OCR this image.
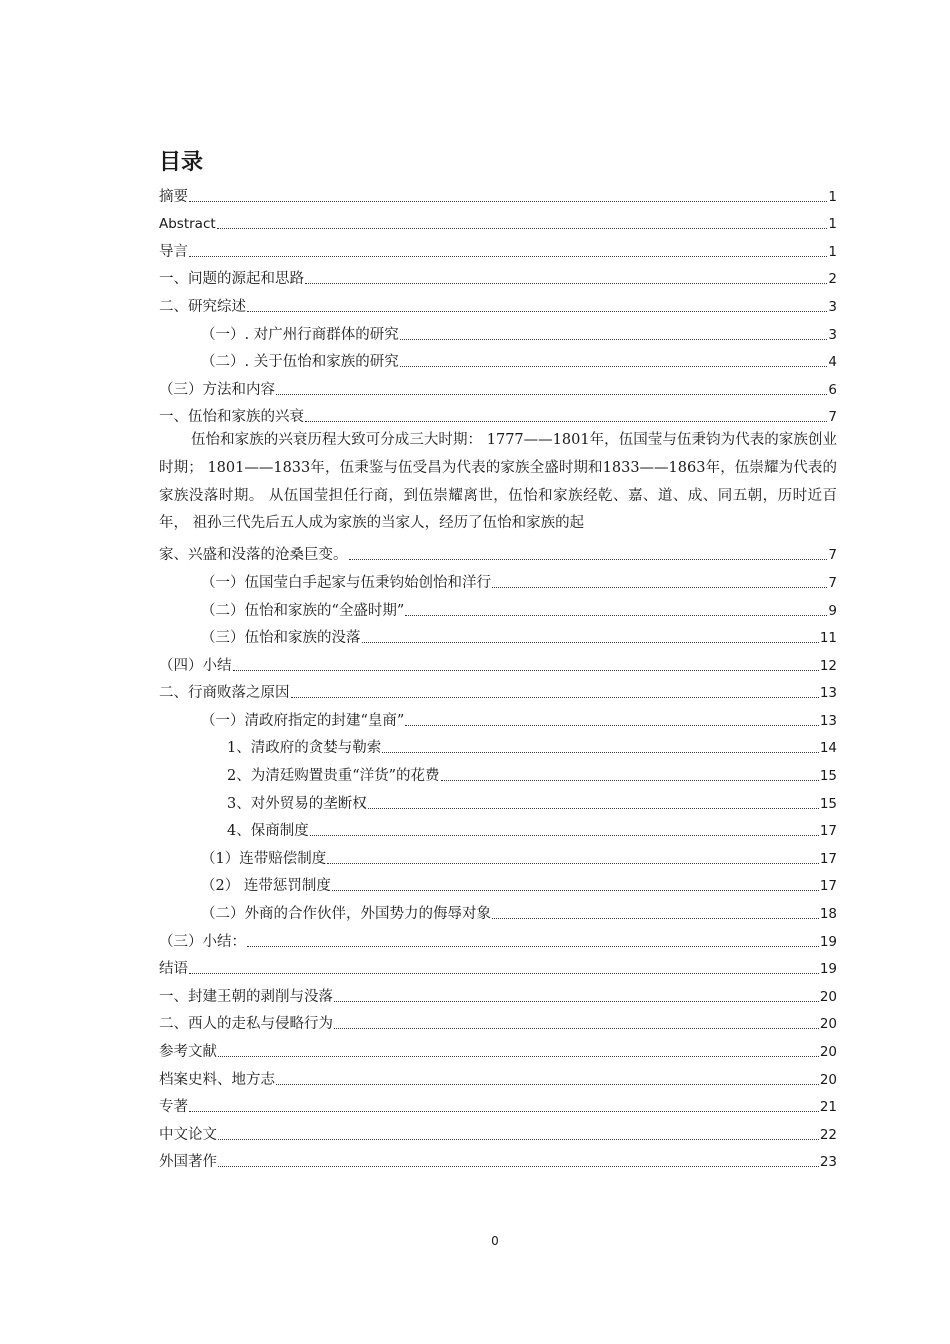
目录
摘要	1
Abstract	1
导言	1
一、问题的源起和思路	2
二、研究综述	3
（一）. 对广州行商群体的研究	3
（二）. 关于伍怡和家族的研究	4
（三）方法和内容	6
一、伍怡和家族的兴衰	7
伍怡和家族的兴衰历程大致可分成三大时期： 1777——1801年，伍国莹与伍秉钧为代表的家族创业时期； 1801——1833年，伍秉鉴与伍受昌为代表的家族全盛时期和1833——1863年，伍崇耀为代表的家族没落时期。 从伍国莹担任行商，到伍崇耀离世，伍怡和家族经乾、嘉、道、成、同五朝，历时近百年， 祖孙三代先后五人成为家族的当家人，经历了伍怡和家族的起
家、兴盛和没落的沧桑巨变。	7
（一）伍国莹白手起家与伍秉钧始创怡和洋行	7
（二）伍怡和家族的“全盛时期”	9
（三）伍怡和家族的没落	11
（四）小结	12
二、行商败落之原因	13
（一）清政府指定的封建“皇商”	13
1、清政府的贪婪与勒索	14
2、为清廷购置贵重“洋货”的花费	15
3、对外贸易的垄断权	15
4、保商制度	17
（1）连带赔偿制度	17
（2） 连带惩罚制度	17
（二）外商的合作伙伴，外国势力的侮辱对象	18
（三）小结：	19
结语	19
一、封建王朝的剥削与没落	20
二、西人的走私与侵略行为	20
参考文献	20
档案史料、地方志	20
专著	21
中文论文	22
外国著作	23
0
